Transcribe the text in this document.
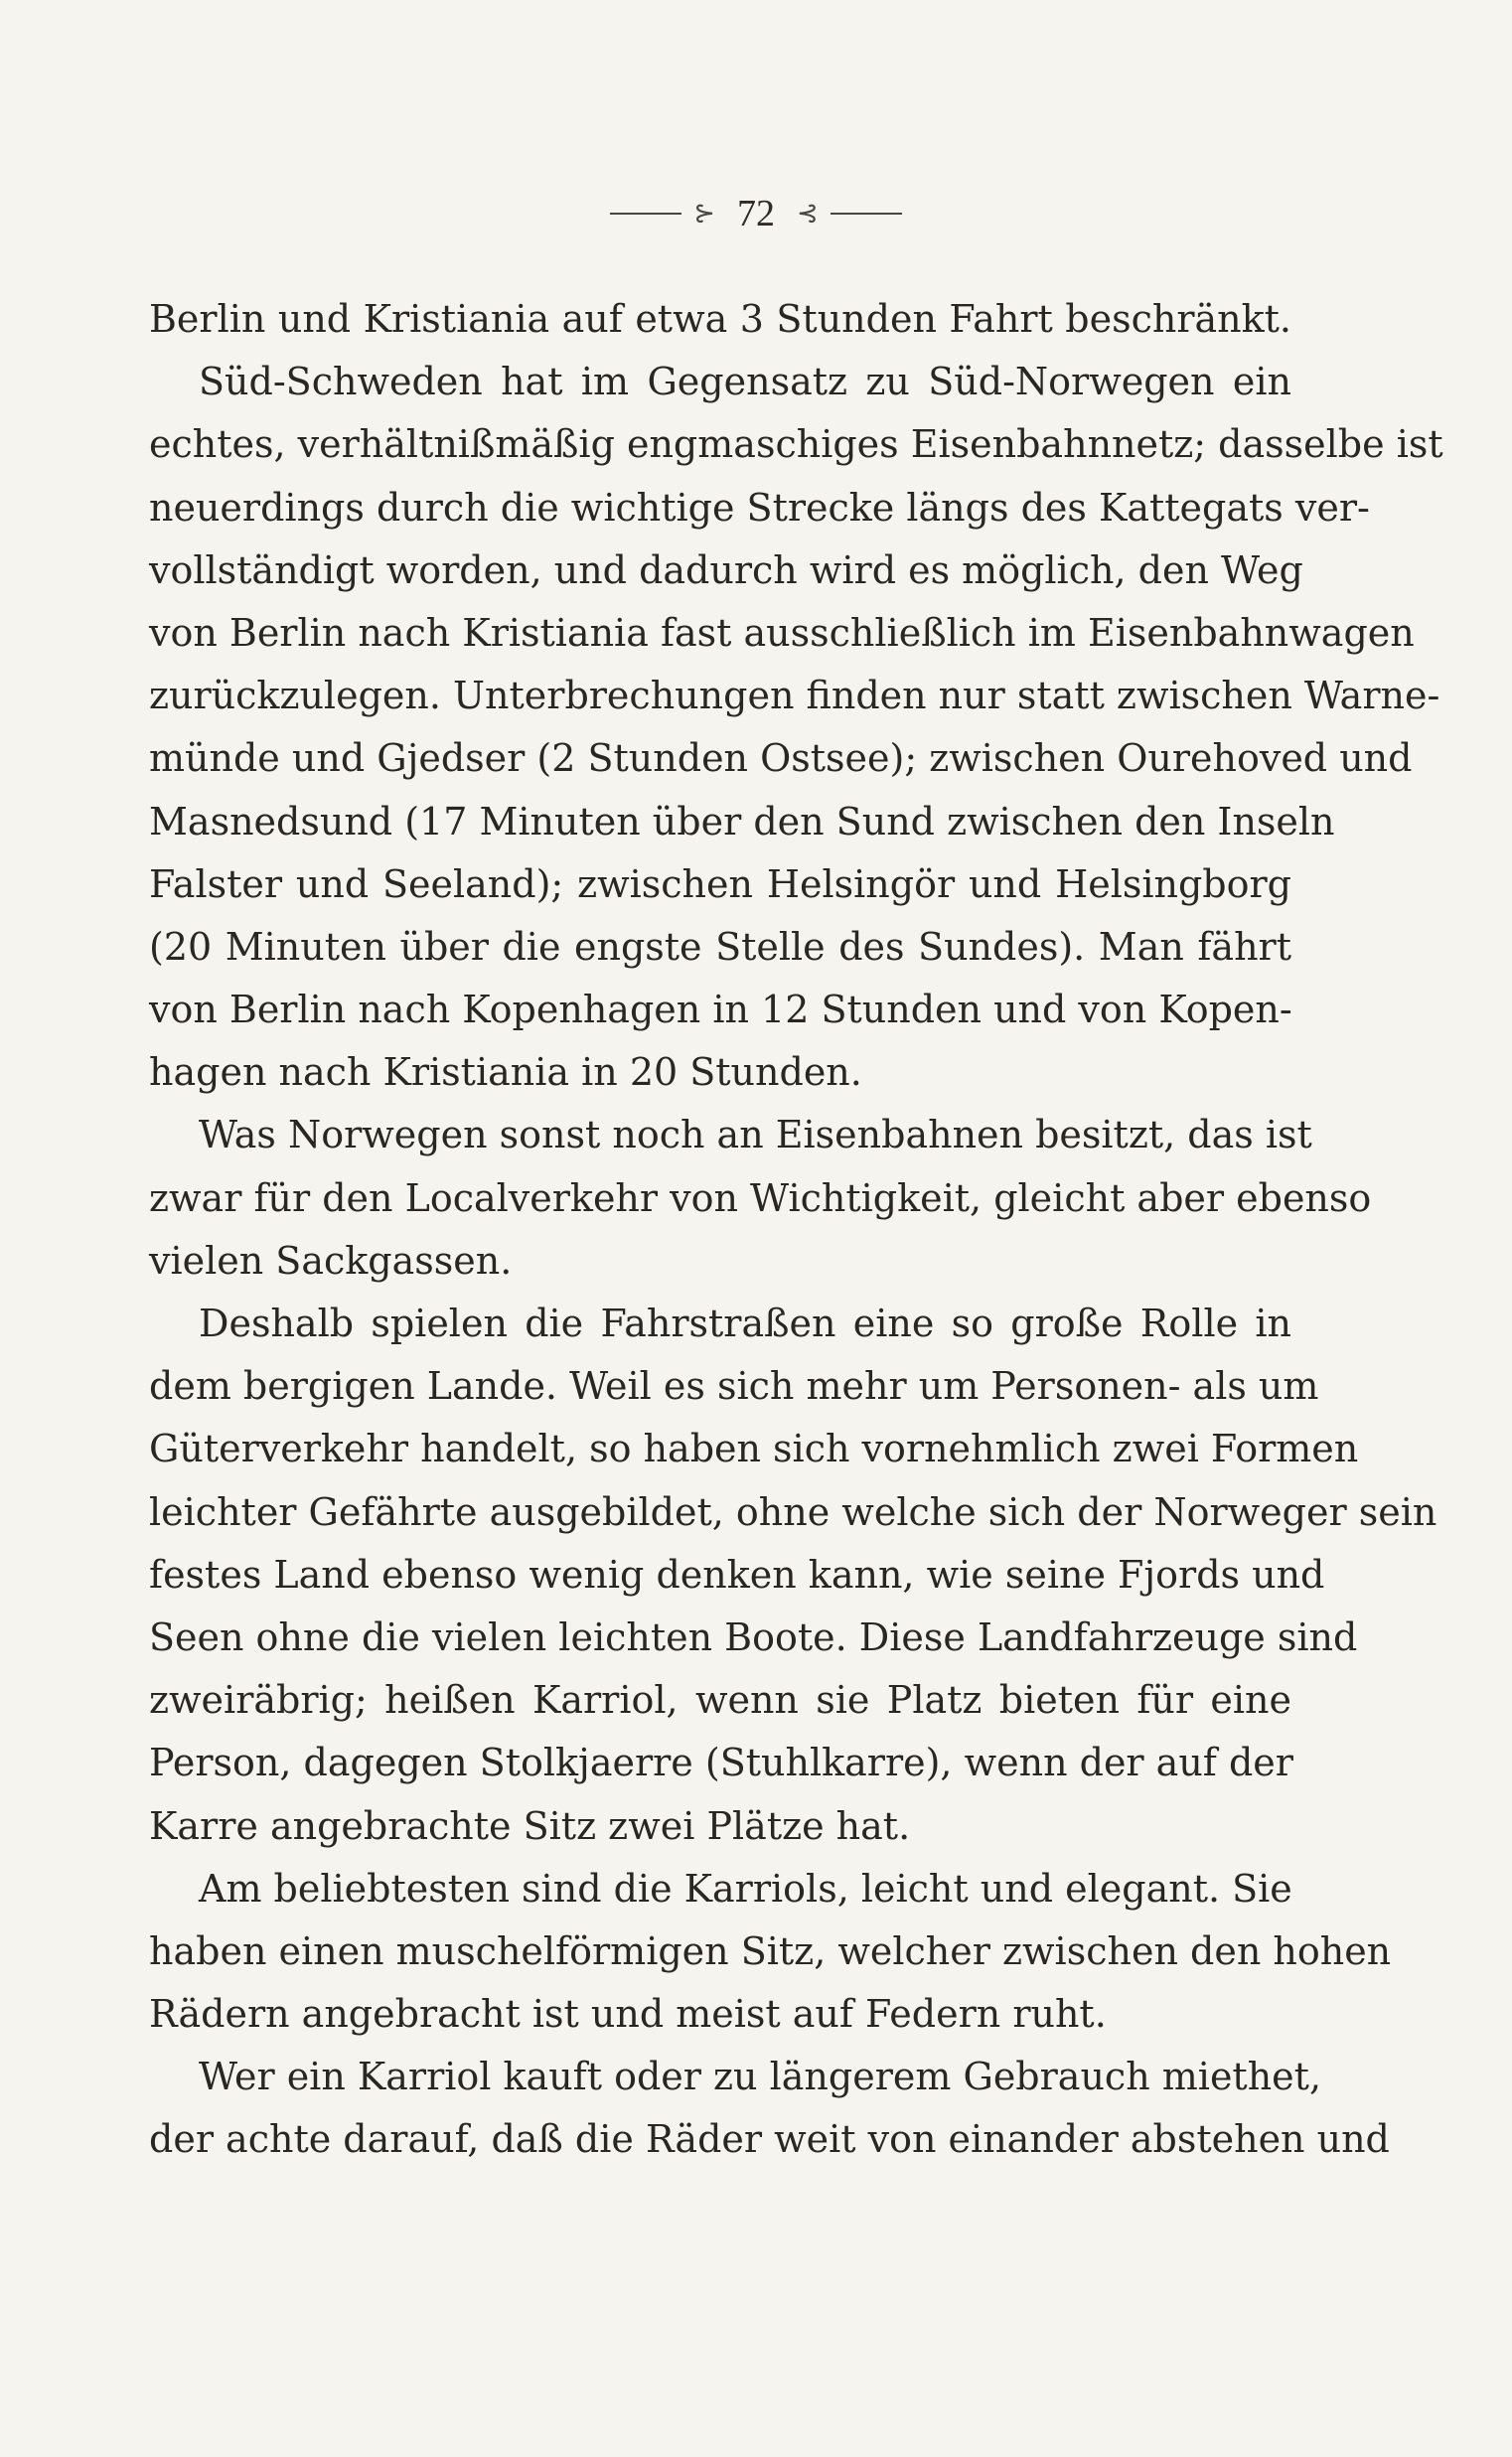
⊱ 72 ⊰
Berlin und Kristiania auf etwa 3 Stunden Fahrt beschränkt.
Süd-Schweden hat im Gegensatz zu Süd-Norwegen ein
echtes, verhältnißmäßig engmaschiges Eisenbahnnetz; dasselbe ist
neuerdings durch die wichtige Strecke längs des Kattegats ver-
vollständigt worden, und dadurch wird es möglich, den Weg
von Berlin nach Kristiania fast ausschließlich im Eisenbahnwagen
zurückzulegen. Unterbrechungen finden nur statt zwischen Warne-
münde und Gjedser (2 Stunden Ostsee); zwischen Ourehoved und
Masnedsund (17 Minuten über den Sund zwischen den Inseln
Falster und Seeland); zwischen Helsingör und Helsingborg
(20 Minuten über die engste Stelle des Sundes). Man fährt
von Berlin nach Kopenhagen in 12 Stunden und von Kopen-
hagen nach Kristiania in 20 Stunden.
Was Norwegen sonst noch an Eisenbahnen besitzt, das ist
zwar für den Localverkehr von Wichtigkeit, gleicht aber ebenso
vielen Sackgassen.
Deshalb spielen die Fahrstraßen eine so große Rolle in
dem bergigen Lande. Weil es sich mehr um Personen- als um
Güterverkehr handelt, so haben sich vornehmlich zwei Formen
leichter Gefährte ausgebildet, ohne welche sich der Norweger sein
festes Land ebenso wenig denken kann, wie seine Fjords und
Seen ohne die vielen leichten Boote. Diese Landfahrzeuge sind
zweiräbrig; heißen Karriol, wenn sie Platz bieten für eine
Person, dagegen Stolkjaerre (Stuhlkarre), wenn der auf der
Karre angebrachte Sitz zwei Plätze hat.
Am beliebtesten sind die Karriols, leicht und elegant. Sie
haben einen muschelförmigen Sitz, welcher zwischen den hohen
Rädern angebracht ist und meist auf Federn ruht.
Wer ein Karriol kauft oder zu längerem Gebrauch miethet,
der achte darauf, daß die Räder weit von einander abstehen und
